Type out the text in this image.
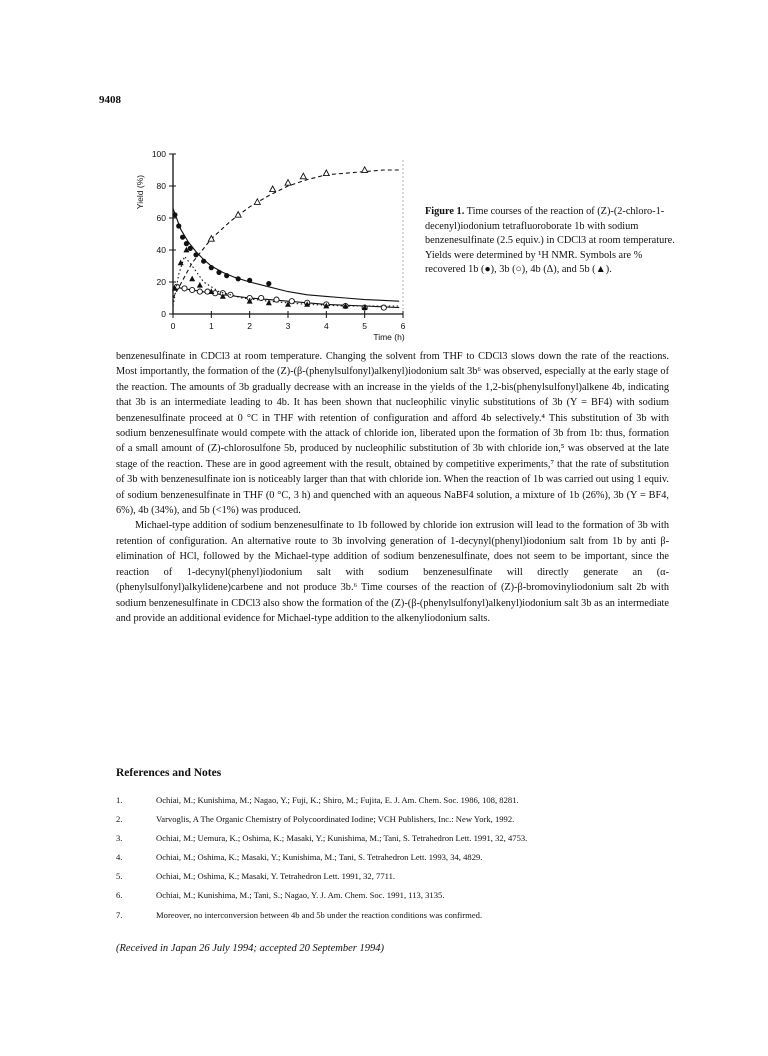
9408
0
20
40
60
80
100
0	1	2	3	4	5	6
Time (h)
Yield (%)
Figure 1. Time courses of the reaction of (Z)-(2-chloro-1-decenyl)iodonium tetrafluoroborate 1b with sodium benzenesulfinate (2.5 equiv.) in CDCl3 at room temperature. Yields were determined by ¹H NMR. Symbols are % recovered 1b (●), 3b (○), 4b (Δ), and 5b (▲).

benzenesulfinate in CDCl3 at room temperature. Changing the solvent from THF to CDCl3 slows down the rate of the reactions. Most importantly, the formation of the (Z)-(β-(phenylsulfonyl)alkenyl)iodonium salt 3b⁶ was observed, especially at the early stage of the reaction. The amounts of 3b gradually decrease with an increase in the yields of the 1,2-bis(phenylsulfonyl)alkene 4b, indicating that 3b is an intermediate leading to 4b. It has been shown that nucleophilic vinylic substitutions of 3b (Y = BF4) with sodium benzenesulfinate proceed at 0 °C in THF with retention of configuration and afford 4b selectively.⁴ This substitution of 3b with sodium benzenesulfinate would compete with the attack of chloride ion, liberated upon the formation of 3b from 1b: thus, formation of a small amount of (Z)-chlorosulfone 5b, produced by nucleophilic substitution of 3b with chloride ion,⁵ was observed at the late stage of the reaction. These are in good agreement with the result, obtained by competitive experiments,⁷ that the rate of substitution of 3b with benzenesulfinate ion is noticeably larger than that with chloride ion. When the reaction of 1b was carried out using 1 equiv. of sodium benzenesulfinate in THF (0 °C, 3 h) and quenched with an aqueous NaBF4 solution, a mixture of 1b (26%), 3b (Y = BF4, 6%), 4b (34%), and 5b (<1%) was produced.

Michael-type addition of sodium benzenesulfinate to 1b followed by chloride ion extrusion will lead to the formation of 3b with retention of configuration. An alternative route to 3b involving generation of 1-decynyl(phenyl)iodonium salt from 1b by anti β-elimination of HCl, followed by the Michael-type addition of sodium benzenesulfinate, does not seem to be important, since the reaction of 1-decynyl(phenyl)iodonium salt with sodium benzenesulfinate will directly generate an (α-(phenylsulfonyl)alkylidene)carbene and not produce 3b.⁶ Time courses of the reaction of (Z)-β-bromovinyliodonium salt 2b with sodium benzenesulfinate in CDCl3 also show the formation of the (Z)-(β-(phenylsulfonyl)alkenyl)iodonium salt 3b as an intermediate and provide an additional evidence for Michael-type addition to the alkenyliodonium salts.

References and Notes
1.	Ochiai, M.; Kunishima, M.; Nagao, Y.; Fuji, K.; Shiro, M.; Fujita, E. J. Am. Chem. Soc. 1986, 108, 8281.
2.	Varvoglis, A The Organic Chemistry of Polycoordinated Iodine; VCH Publishers, Inc.: New York, 1992.
3.	Ochiai, M.; Uemura, K.; Oshima, K.; Masaki, Y.; Kunishima, M.; Tani, S. Tetrahedron Lett. 1991, 32, 4753.
4.	Ochiai, M.; Oshima, K.; Masaki, Y.; Kunishima, M.; Tani, S. Tetrahedron Lett. 1993, 34, 4829.
5.	Ochiai, M.; Oshima, K.; Masaki, Y. Tetrahedron Lett. 1991, 32, 7711.
6.	Ochiai, M.; Kunishima, M.; Tani, S.; Nagao, Y. J. Am. Chem. Soc. 1991, 113, 3135.
7.	Moreover, no interconversion between 4b and 5b under the reaction conditions was confirmed.
(Received in Japan 26 July 1994; accepted 20 September 1994)
